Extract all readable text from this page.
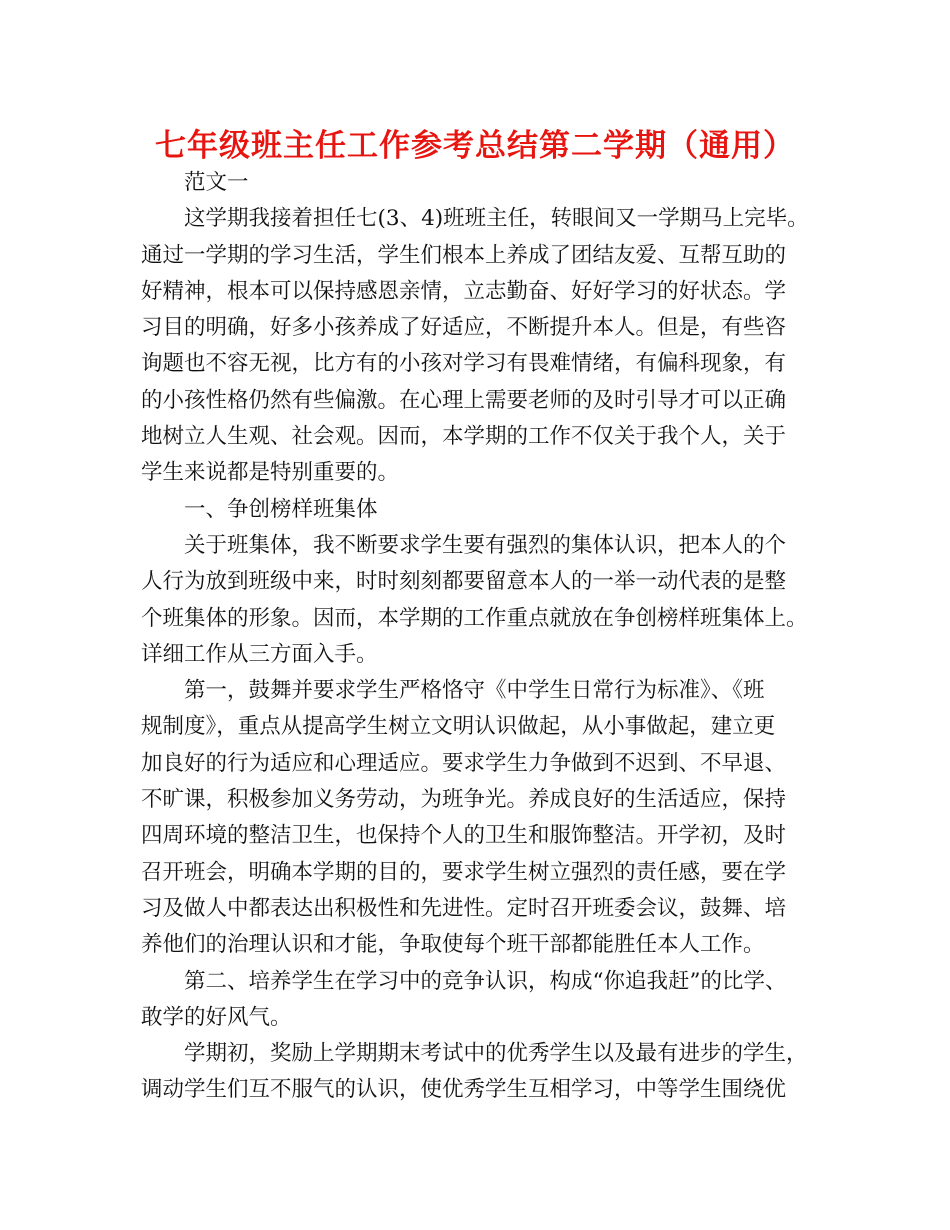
七年级班主任工作参考总结第二学期（通用）

范文一

这学期我接着担任七(3、4)班班主任，转眼间又一学期马上完毕。

通过一学期的学习生活，学生们根本上养成了团结友爱、互帮互助的

好精神，根本可以保持感恩亲情，立志勤奋、好好学习的好状态。学

习目的明确，好多小孩养成了好适应，不断提升本人。但是，有些咨

询题也不容无视，比方有的小孩对学习有畏难情绪，有偏科现象，有

的小孩性格仍然有些偏激。在心理上需要老师的及时引导才可以正确

地树立人生观、社会观。因而，本学期的工作不仅关于我个人，关于

学生来说都是特别重要的。

一、争创榜样班集体

关于班集体，我不断要求学生要有强烈的集体认识，把本人的个

人行为放到班级中来，时时刻刻都要留意本人的一举一动代表的是整

个班集体的形象。因而，本学期的工作重点就放在争创榜样班集体上。

详细工作从三方面入手。

第一，鼓舞并要求学生严格恪守《中学生日常行为标准》、《班

规制度》，重点从提高学生树立文明认识做起，从小事做起，建立更

加良好的行为适应和心理适应。要求学生力争做到不迟到、不早退、

不旷课，积极参加义务劳动，为班争光。养成良好的生活适应，保持

四周环境的整洁卫生，也保持个人的卫生和服饰整洁。开学初，及时

召开班会，明确本学期的目的，要求学生树立强烈的责任感，要在学

习及做人中都表达出积极性和先进性。定时召开班委会议，鼓舞、培

养他们的治理认识和才能，争取使每个班干部都能胜任本人工作。

第二、培养学生在学习中的竞争认识，构成“你追我赶”的比学、

敢学的好风气。

学期初，奖励上学期期末考试中的优秀学生以及最有进步的学生，

调动学生们互不服气的认识，使优秀学生互相学习，中等学生围绕优
